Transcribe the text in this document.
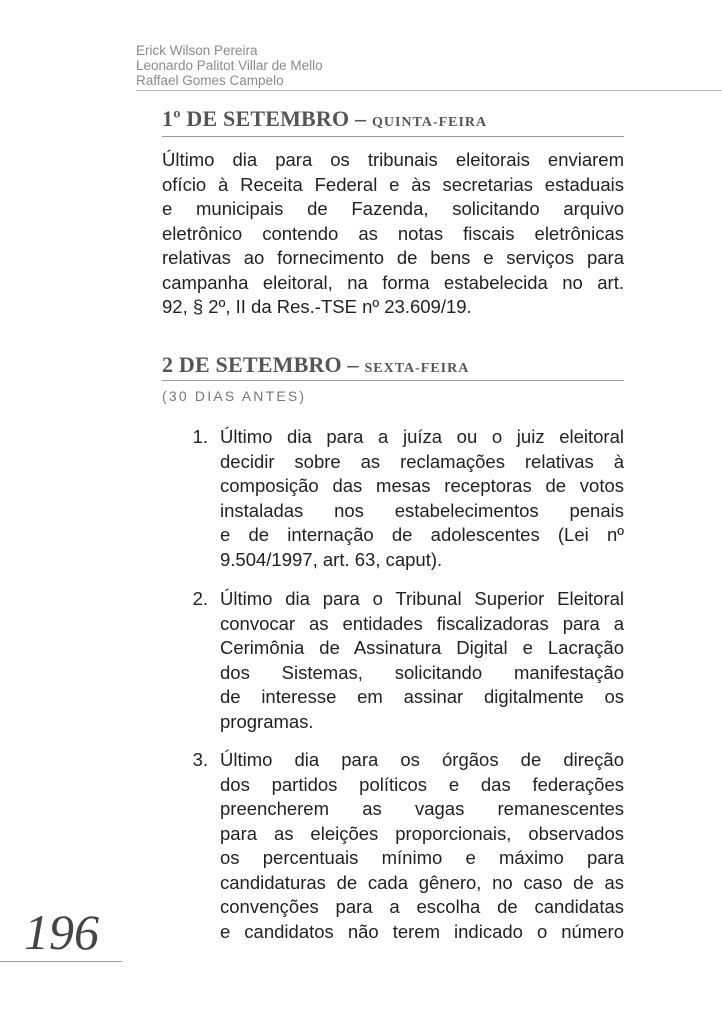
Erick Wilson Pereira
Leonardo Palitot Villar de Mello
Raffael Gomes Campelo
1º DE SETEMBRO – QUINTA-FEIRA
Último dia para os tribunais eleitorais enviarem
ofício à Receita Federal e às secretarias estaduais
e municipais de Fazenda, solicitando arquivo
eletrônico contendo as notas fiscais eletrônicas
relativas ao fornecimento de bens e serviços para
campanha eleitoral, na forma estabelecida no art.
92, § 2º, II da Res.-TSE nº 23.609/19.
2 DE SETEMBRO – SEXTA-FEIRA
(30 DIAS ANTES)
1. Último dia para a juíza ou o juiz eleitoral
decidir sobre as reclamações relativas à
composição das mesas receptoras de votos
instaladas nos estabelecimentos penais
e de internação de adolescentes (Lei nº
9.504/1997, art. 63, caput).
2. Último dia para o Tribunal Superior Eleitoral
convocar as entidades fiscalizadoras para a
Cerimônia de Assinatura Digital e Lacração
dos Sistemas, solicitando manifestação
de interesse em assinar digitalmente os
programas.
3. Último dia para os órgãos de direção
dos partidos políticos e das federações
preencherem as vagas remanescentes
para as eleições proporcionais, observados
os percentuais mínimo e máximo para
candidaturas de cada gênero, no caso de as
convenções para a escolha de candidatas
e candidatos não terem indicado o número
196
